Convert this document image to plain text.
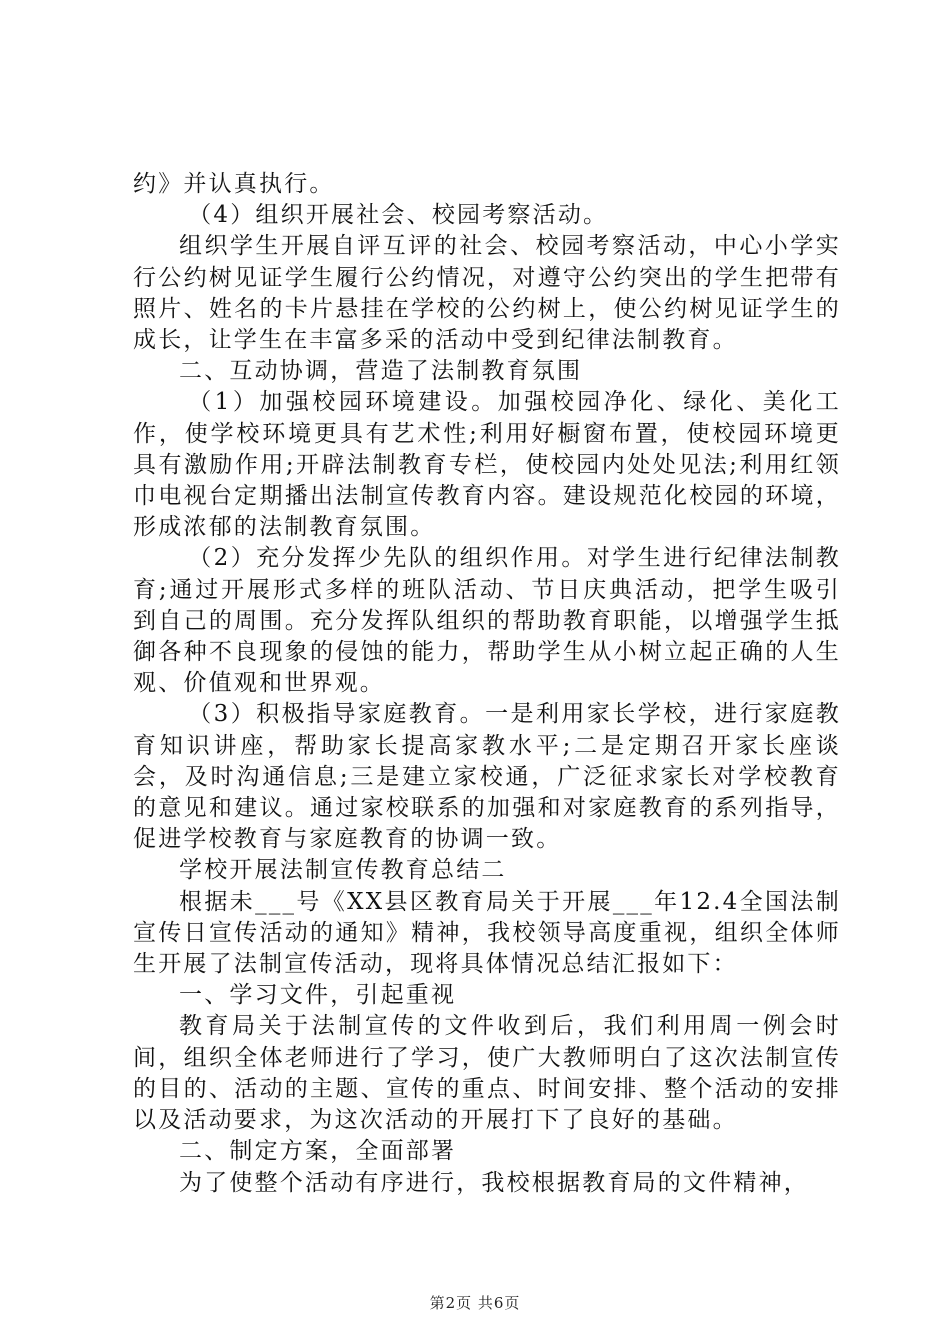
约》并认真执行。

（4）组织开展社会、校园考察活动。

组织学生开展自评互评的社会、校园考察活动，中心小学实行公约树见证学生履行公约情况，对遵守公约突出的学生把带有照片、姓名的卡片悬挂在学校的公约树上，使公约树见证学生的成长，让学生在丰富多采的活动中受到纪律法制教育。

二、互动协调，营造了法制教育氛围

（1）加强校园环境建设。加强校园净化、绿化、美化工作，使学校环境更具有艺术性;利用好橱窗布置，使校园环境更具有激励作用;开辟法制教育专栏，使校园内处处见法;利用红领巾电视台定期播出法制宣传教育内容。建设规范化校园的环境，形成浓郁的法制教育氛围。

（2）充分发挥少先队的组织作用。对学生进行纪律法制教育;通过开展形式多样的班队活动、节日庆典活动，把学生吸引到自己的周围。充分发挥队组织的帮助教育职能，以增强学生抵御各种不良现象的侵蚀的能力，帮助学生从小树立起正确的人生观、价值观和世界观。

（3）积极指导家庭教育。一是利用家长学校，进行家庭教育知识讲座，帮助家长提高家教水平;二是定期召开家长座谈会，及时沟通信息;三是建立家校通，广泛征求家长对学校教育的意见和建议。通过家校联系的加强和对家庭教育的系列指导，促进学校教育与家庭教育的协调一致。

学校开展法制宣传教育总结二

根据未___号《XX县区教育局关于开展___年12.4全国法制宣传日宣传活动的通知》精神，我校领导高度重视，组织全体师生开展了法制宣传活动，现将具体情况总结汇报如下：

一、学习文件，引起重视

教育局关于法制宣传的文件收到后，我们利用周一例会时间，组织全体老师进行了学习，使广大教师明白了这次法制宣传的目的、活动的主题、宣传的重点、时间安排、整个活动的安排以及活动要求，为这次活动的开展打下了良好的基础。

二、制定方案，全面部署

为了使整个活动有序进行，我校根据教育局的文件精神，

第2页 共6页
